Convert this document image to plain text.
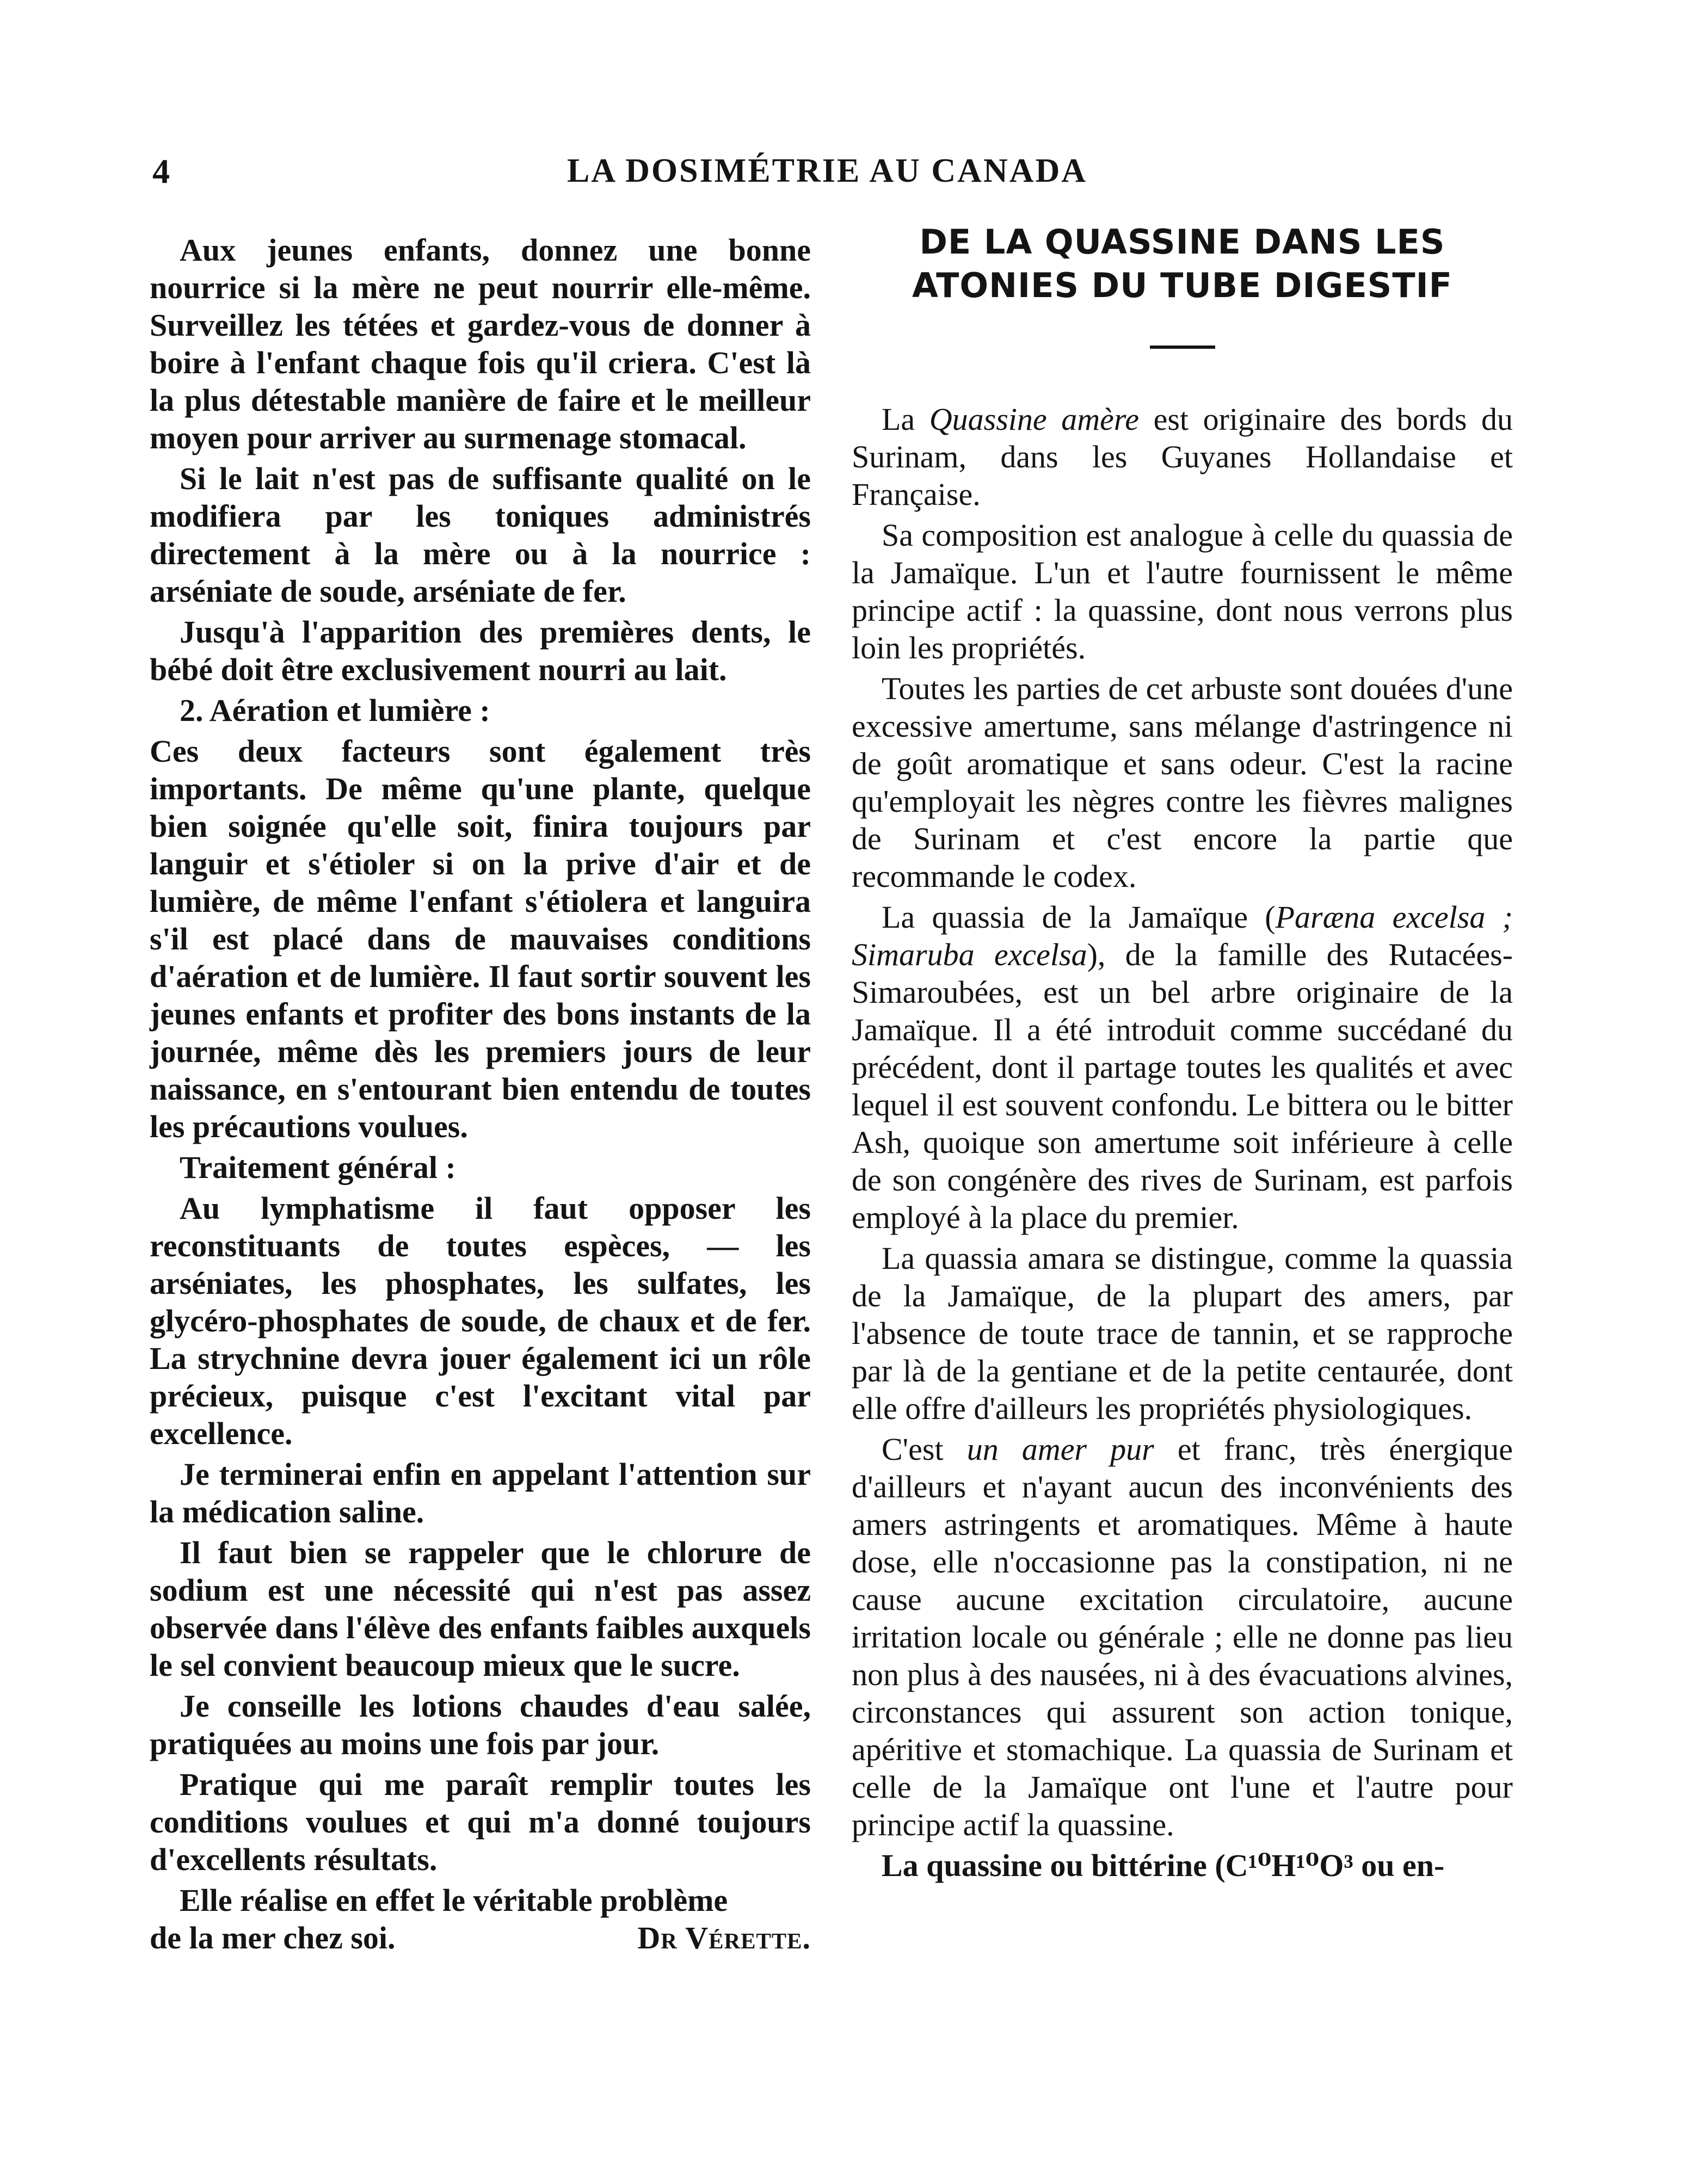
4	LA DOSIMÉTRIE AU CANADA

Aux jeunes enfants, donnez une bonne nourrice si la mère ne peut nourrir elle-même. Surveillez les tétées et gardez-vous de donner à boire à l'enfant chaque fois qu'il criera. C'est là la plus détestable manière de faire et le meilleur moyen pour arriver au surmenage stomacal.

Si le lait n'est pas de suffisante qualité on le modifiera par les toniques administrés directement à la mère ou à la nourrice : arséniate de soude, arséniate de fer.

Jusqu'à l'apparition des premières dents, le bébé doit être exclusivement nourri au lait.

2. Aération et lumière :

Ces deux facteurs sont également très importants. De même qu'une plante, quelque bien soignée qu'elle soit, finira toujours par languir et s'étioler si on la prive d'air et de lumière, de même l'enfant s'étiolera et languira s'il est placé dans de mauvaises conditions d'aération et de lumière. Il faut sortir souvent les jeunes enfants et profiter des bons instants de la journée, même dès les premiers jours de leur naissance, en s'entourant bien entendu de toutes les précautions voulues.

Traitement général :

Au lymphatisme il faut opposer les reconstituants de toutes espèces, — les arséniates, les phosphates, les sulfates, les glycéro-phosphates de soude, de chaux et de fer. La strychnine devra jouer également ici un rôle précieux, puisque c'est l'excitant vital par excellence.

Je terminerai enfin en appelant l'attention sur la médication saline.

Il faut bien se rappeler que le chlorure de sodium est une nécessité qui n'est pas assez observée dans l'élève des enfants faibles auxquels le sel convient beaucoup mieux que le sucre.

Je conseille les lotions chaudes d'eau salée, pratiquées au moins une fois par jour.

Pratique qui me paraît remplir toutes les conditions voulues et qui m'a donné toujours d'excellents résultats.

Elle réalise en effet le véritable problème

de la mer chez soi.	Dr Vérette.
DE LA QUASSINE DANS LES ATONIES DU TUBE DIGESTIF

La Quassine amère est originaire des bords du Surinam, dans les Guyanes Hollandaise et Française.

Sa composition est analogue à celle du quassia de la Jamaïque. L'un et l'autre fournissent le même principe actif : la quassine, dont nous verrons plus loin les propriétés.

Toutes les parties de cet arbuste sont douées d'une excessive amertume, sans mélange d'astringence ni de goût aromatique et sans odeur. C'est la racine qu'employait les nègres contre les fièvres malignes de Surinam et c'est encore la partie que recommande le codex.

La quassia de la Jamaïque (Paræna excelsa ; Simaruba excelsa), de la famille des Rutacées-Simaroubées, est un bel arbre originaire de la Jamaïque. Il a été introduit comme succédané du précédent, dont il partage toutes les qualités et avec lequel il est souvent confondu. Le bittera ou le bitter Ash, quoique son amertume soit inférieure à celle de son congénère des rives de Surinam, est parfois employé à la place du premier.

La quassia amara se distingue, comme la quassia de la Jamaïque, de la plupart des amers, par l'absence de toute trace de tannin, et se rapproche par là de la gentiane et de la petite centaurée, dont elle offre d'ailleurs les propriétés physiologiques.

C'est un amer pur et franc, très énergique d'ailleurs et n'ayant aucun des inconvénients des amers astringents et aromatiques. Même à haute dose, elle n'occasionne pas la constipation, ni ne cause aucune excitation circulatoire, aucune irritation locale ou générale ; elle ne donne pas lieu non plus à des nausées, ni à des évacuations alvines, circonstances qui assurent son action tonique, apéritive et stomachique. La quassia de Surinam et celle de la Jamaïque ont l'une et l'autre pour principe actif la quassine.

La quassine ou bittérine (C¹⁰H¹⁰O³ ou en-
